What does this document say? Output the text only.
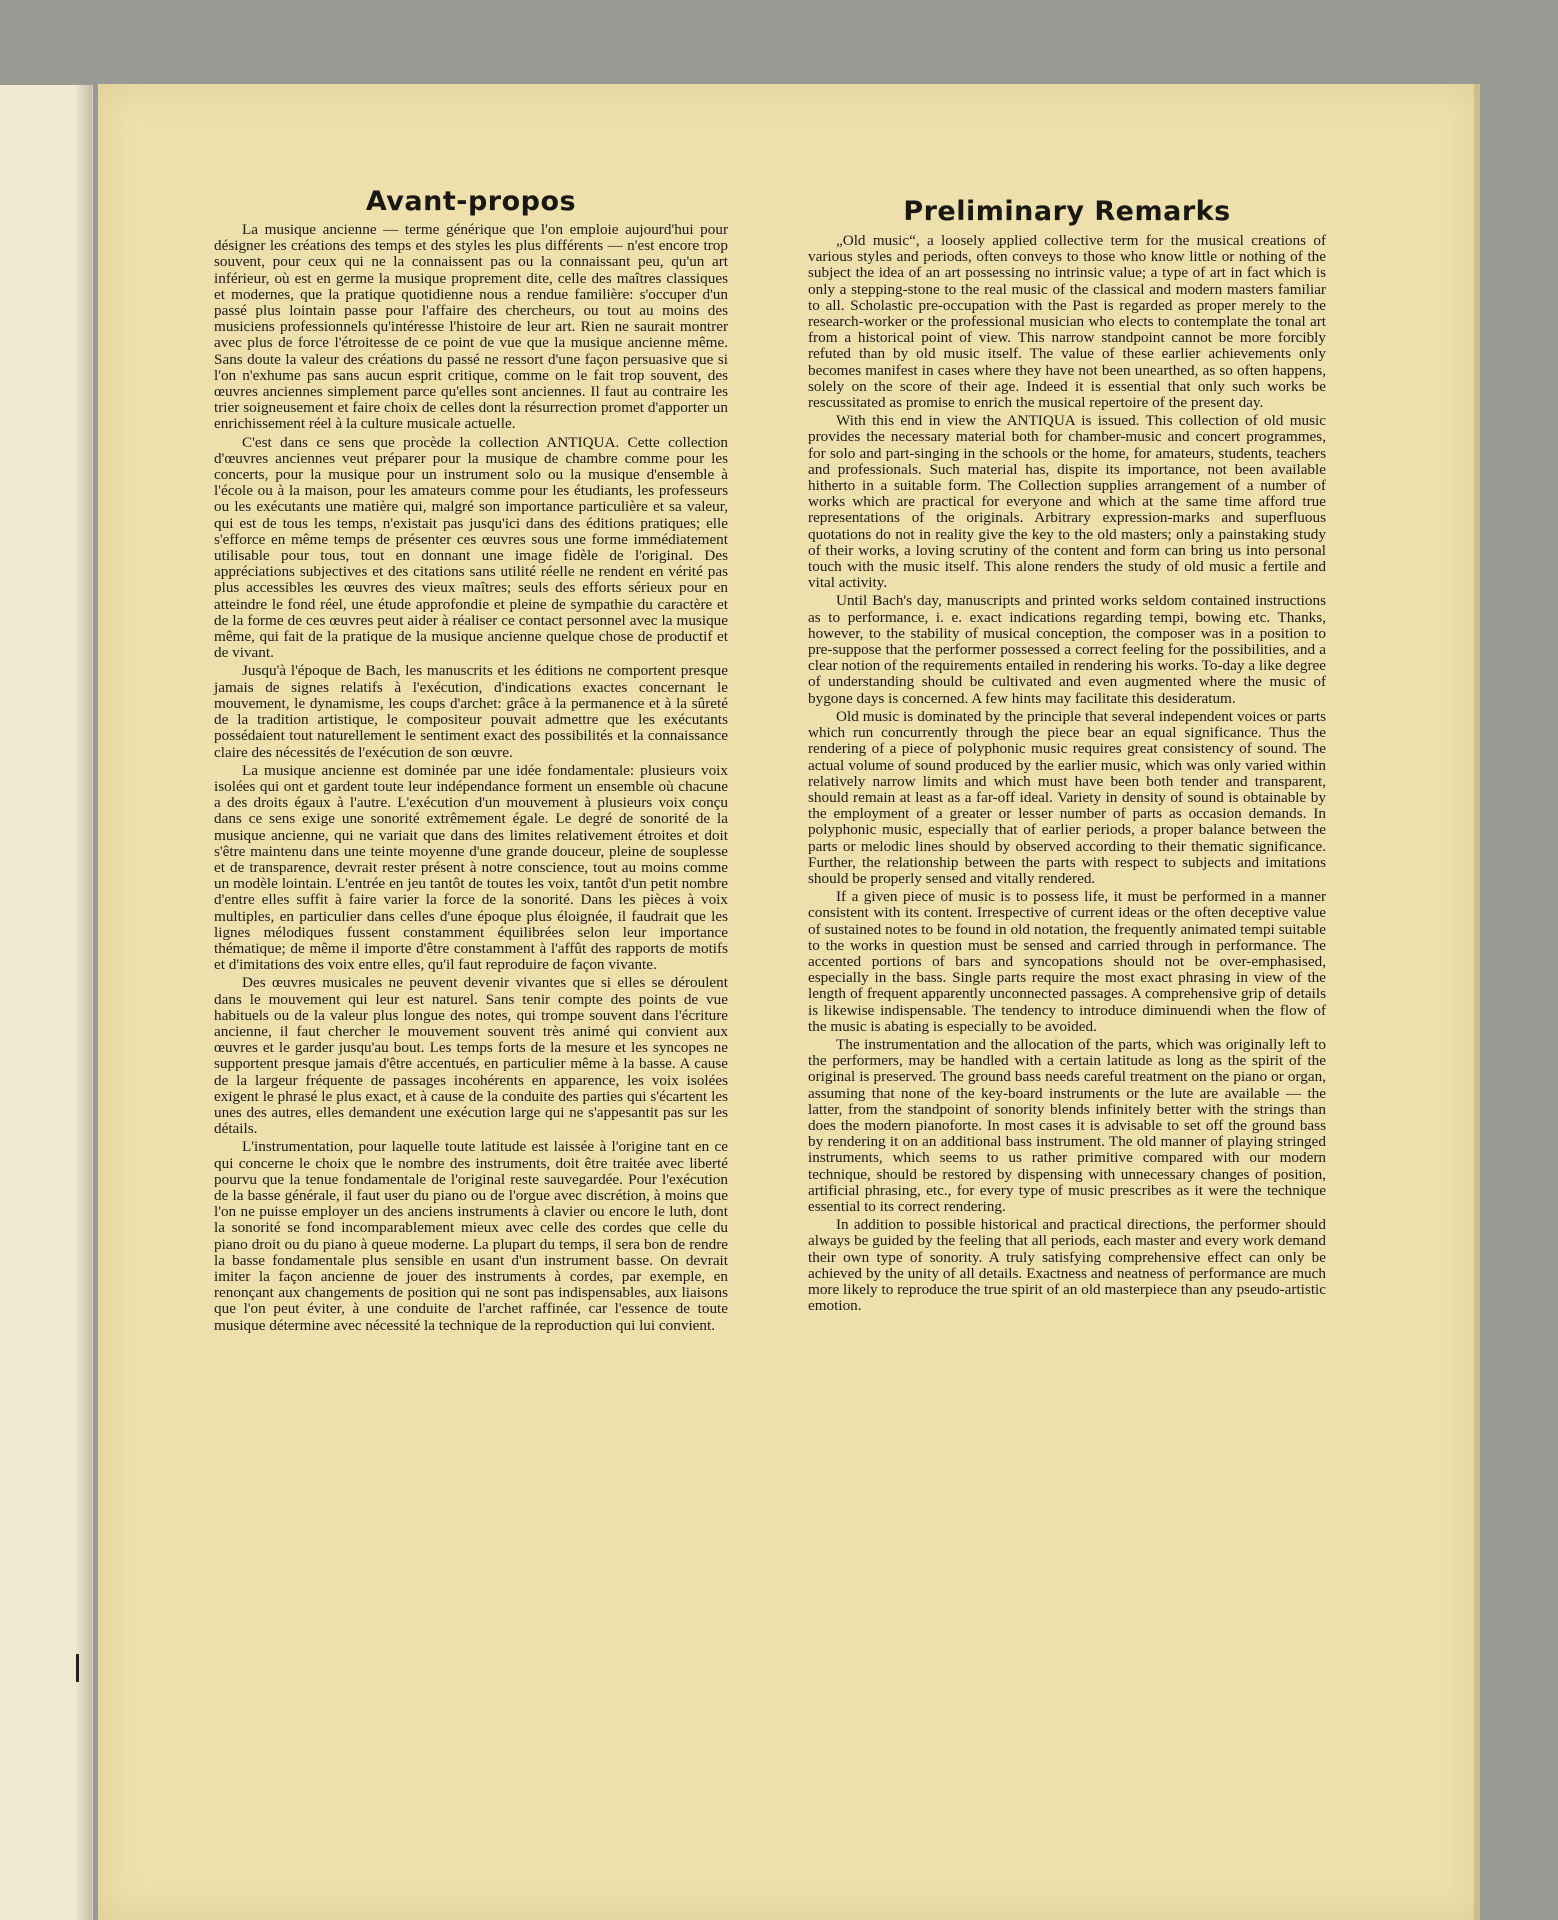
Avant-propos

La musique ancienne — terme générique que l'on emploie aujourd'hui pour désigner les créations des temps et des styles les plus différents — n'est encore trop souvent, pour ceux qui ne la connaissent pas ou la connaissant peu, qu'un art inférieur, où est en germe la musique proprement dite, celle des maîtres classiques et modernes, que la pratique quotidienne nous a rendue familière: s'occuper d'un passé plus lointain passe pour l'affaire des chercheurs, ou tout au moins des musiciens professionnels qu'intéresse l'histoire de leur art. Rien ne saurait montrer avec plus de force l'étroitesse de ce point de vue que la musique ancienne même. Sans doute la valeur des créations du passé ne ressort d'une façon persuasive que si l'on n'exhume pas sans aucun esprit critique, comme on le fait trop souvent, des œuvres anciennes simplement parce qu'elles sont anciennes. Il faut au contraire les trier soigneusement et faire choix de celles dont la résurrection promet d'apporter un enrichissement réel à la culture musicale actuelle.

C'est dans ce sens que procède la collection ANTIQUA. Cette collection d'œuvres anciennes veut préparer pour la musique de chambre comme pour les concerts, pour la musique pour un instrument solo ou la musique d'ensemble à l'école ou à la maison, pour les amateurs comme pour les étudiants, les professeurs ou les exécutants une matière qui, malgré son importance particulière et sa valeur, qui est de tous les temps, n'existait pas jusqu'ici dans des éditions pratiques; elle s'efforce en même temps de présenter ces œuvres sous une forme immédiatement utilisable pour tous, tout en donnant une image fidèle de l'original. Des appréciations subjectives et des citations sans utilité réelle ne rendent en vérité pas plus accessibles les œuvres des vieux maîtres; seuls des efforts sérieux pour en atteindre le fond réel, une étude approfondie et pleine de sympathie du caractère et de la forme de ces œuvres peut aider à réaliser ce contact personnel avec la musique même, qui fait de la pratique de la musique ancienne quelque chose de productif et de vivant.

Jusqu'à l'époque de Bach, les manuscrits et les éditions ne comportent presque jamais de signes relatifs à l'exécution, d'indications exactes concernant le mouvement, le dynamisme, les coups d'archet: grâce à la permanence et à la sûreté de la tradition artistique, le compositeur pouvait admettre que les exécutants possédaient tout naturellement le sentiment exact des possibilités et la connaissance claire des nécessités de l'exécution de son œuvre.

La musique ancienne est dominée par une idée fondamentale: plusieurs voix isolées qui ont et gardent toute leur indépendance forment un ensemble où chacune a des droits égaux à l'autre. L'exécution d'un mouvement à plusieurs voix conçu dans ce sens exige une sonorité extrêmement égale. Le degré de sonorité de la musique ancienne, qui ne variait que dans des limites relativement étroites et doit s'être maintenu dans une teinte moyenne d'une grande douceur, pleine de souplesse et de transparence, devrait rester présent à notre conscience, tout au moins comme un modèle lointain. L'entrée en jeu tantôt de toutes les voix, tantôt d'un petit nombre d'entre elles suffit à faire varier la force de la sonorité. Dans les pièces à voix multiples, en particulier dans celles d'une époque plus éloignée, il faudrait que les lignes mélodiques fussent constamment équilibrées selon leur importance thématique; de même il importe d'être constamment à l'affût des rapports de motifs et d'imitations des voix entre elles, qu'il faut reproduire de façon vivante.

Des œuvres musicales ne peuvent devenir vivantes que si elles se déroulent dans le mouvement qui leur est naturel. Sans tenir compte des points de vue habituels ou de la valeur plus longue des notes, qui trompe souvent dans l'écriture ancienne, il faut chercher le mouvement souvent très animé qui convient aux œuvres et le garder jusqu'au bout. Les temps forts de la mesure et les syncopes ne supportent presque jamais d'être accentués, en particulier même à la basse. A cause de la largeur fréquente de passages incohérents en apparence, les voix isolées exigent le phrasé le plus exact, et à cause de la conduite des parties qui s'écartent les unes des autres, elles demandent une exécution large qui ne s'appesantit pas sur les détails.

L'instrumentation, pour laquelle toute latitude est laissée à l'origine tant en ce qui concerne le choix que le nombre des instruments, doit être traitée avec liberté pourvu que la tenue fondamentale de l'original reste sauvegardée. Pour l'exécution de la basse générale, il faut user du piano ou de l'orgue avec discrétion, à moins que l'on ne puisse employer un des anciens instruments à clavier ou encore le luth, dont la sonorité se fond incomparablement mieux avec celle des cordes que celle du piano droit ou du piano à queue moderne. La plupart du temps, il sera bon de rendre la basse fondamentale plus sensible en usant d'un instrument basse. On devrait imiter la façon ancienne de jouer des instruments à cordes, par exemple, en renonçant aux changements de position qui ne sont pas indispensables, aux liaisons que l'on peut éviter, à une conduite de l'archet raffinée, car l'essence de toute musique détermine avec nécessité la technique de la reproduction qui lui convient.

Preliminary Remarks

„Old music“, a loosely applied collective term for the musical creations of various styles and periods, often conveys to those who know little or nothing of the subject the idea of an art possessing no intrinsic value; a type of art in fact which is only a stepping-stone to the real music of the classical and modern masters familiar to all. Scholastic pre-occupation with the Past is regarded as proper merely to the research-worker or the professional musician who elects to contemplate the tonal art from a historical point of view. This narrow standpoint cannot be more forcibly refuted than by old music itself. The value of these earlier achievements only becomes manifest in cases where they have not been unearthed, as so often happens, solely on the score of their age. Indeed it is essential that only such works be rescussitated as promise to enrich the musical repertoire of the present day.

With this end in view the ANTIQUA is issued. This collection of old music provides the necessary material both for chamber-music and concert programmes, for solo and part-singing in the schools or the home, for amateurs, students, teachers and professionals. Such material has, dispite its importance, not been available hitherto in a suitable form. The Collection supplies arrangement of a number of works which are practical for everyone and which at the same time afford true representations of the originals. Arbitrary expression-marks and superfluous quotations do not in reality give the key to the old masters; only a painstaking study of their works, a loving scrutiny of the content and form can bring us into personal touch with the music itself. This alone renders the study of old music a fertile and vital activity.

Until Bach's day, manuscripts and printed works seldom contained instructions as to performance, i. e. exact indications regarding tempi, bowing etc. Thanks, however, to the stability of musical conception, the composer was in a position to pre-suppose that the performer possessed a correct feeling for the possibilities, and a clear notion of the requirements entailed in rendering his works. To-day a like degree of understanding should be cultivated and even augmented where the music of bygone days is concerned. A few hints may facilitate this desideratum.

Old music is dominated by the principle that several independent voices or parts which run concurrently through the piece bear an equal significance. Thus the rendering of a piece of polyphonic music requires great consistency of sound. The actual volume of sound produced by the earlier music, which was only varied within relatively narrow limits and which must have been both tender and transparent, should remain at least as a far-off ideal. Variety in density of sound is obtainable by the employment of a greater or lesser number of parts as occasion demands. In polyphonic music, especially that of earlier periods, a proper balance between the parts or melodic lines should by observed according to their thematic significance. Further, the relationship between the parts with respect to subjects and imitations should be properly sensed and vitally rendered.

If a given piece of music is to possess life, it must be performed in a manner consistent with its content. Irrespective of current ideas or the often deceptive value of sustained notes to be found in old notation, the frequently animated tempi suitable to the works in question must be sensed and carried through in performance. The accented portions of bars and syncopations should not be over-emphasised, especially in the bass. Single parts require the most exact phrasing in view of the length of frequent apparently unconnected passages. A comprehensive grip of details is likewise indispensable. The tendency to introduce diminuendi when the flow of the music is abating is especially to be avoided.

The instrumentation and the allocation of the parts, which was originally left to the performers, may be handled with a certain latitude as long as the spirit of the original is preserved. The ground bass needs careful treatment on the piano or organ, assuming that none of the key-board instruments or the lute are available — the latter, from the standpoint of sonority blends infinitely better with the strings than does the modern pianoforte. In most cases it is advisable to set off the ground bass by rendering it on an additional bass instrument. The old manner of playing stringed instruments, which seems to us rather primitive compared with our modern technique, should be restored by dispensing with unnecessary changes of position, artificial phrasing, etc., for every type of music prescribes as it were the technique essential to its correct rendering.

In addition to possible historical and practical directions, the performer should always be guided by the feeling that all periods, each master and every work demand their own type of sonority. A truly satisfying comprehensive effect can only be achieved by the unity of all details. Exactness and neatness of performance are much more likely to reproduce the true spirit of an old masterpiece than any pseudo-artistic emotion.
